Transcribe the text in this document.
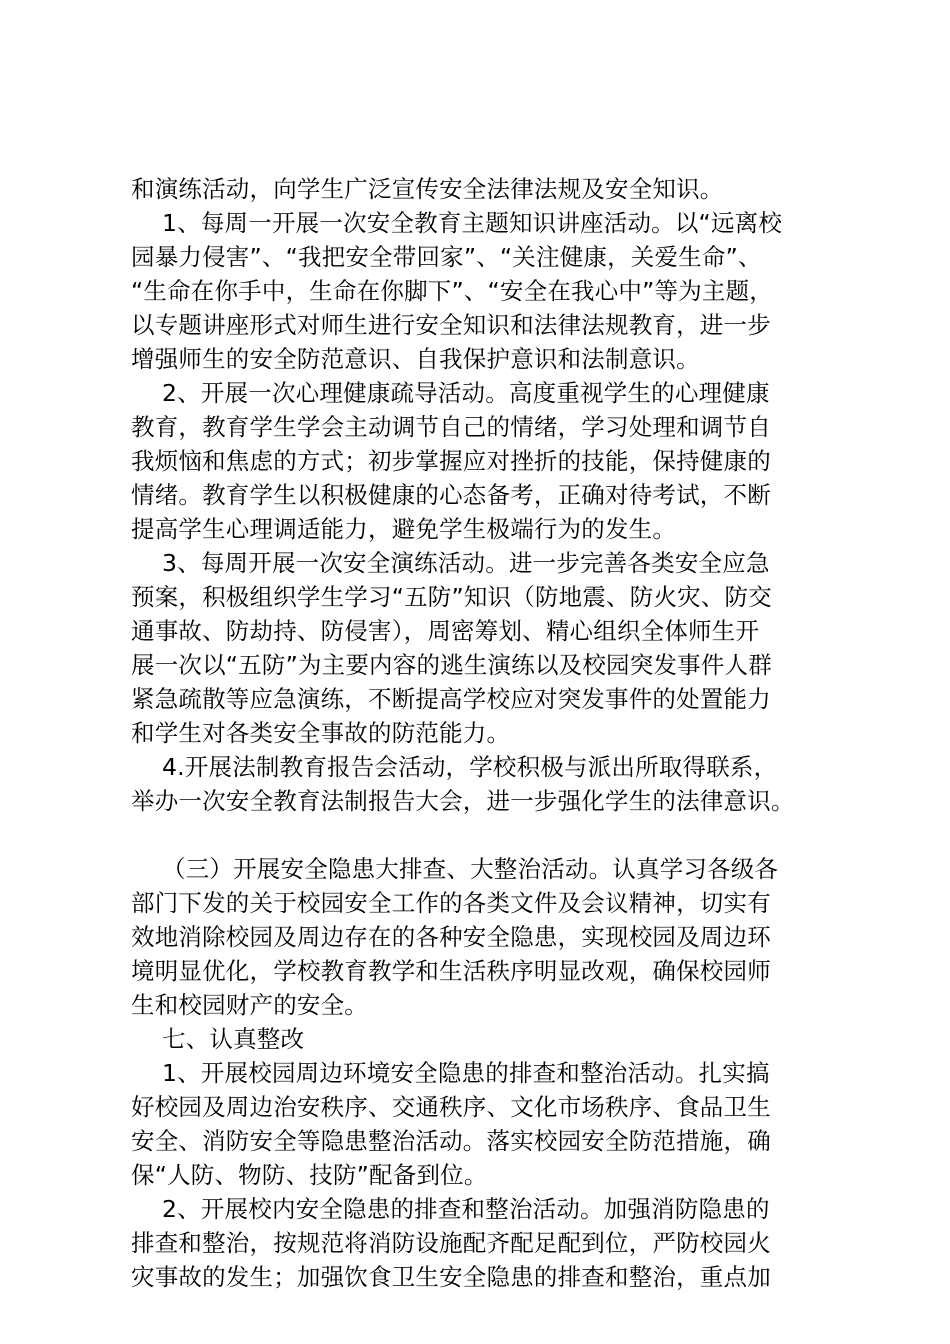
和演练活动，向学生广泛宣传安全法律法规及安全知识。
1、每周一开展一次安全教育主题知识讲座活动。以“远离校
园暴力侵害”、“我把安全带回家”、“关注健康，关爱生命”、
“生命在你手中，生命在你脚下”、“安全在我心中”等为主题，
以专题讲座形式对师生进行安全知识和法律法规教育，进一步
增强师生的安全防范意识、自我保护意识和法制意识。
2、开展一次心理健康疏导活动。高度重视学生的心理健康
教育，教育学生学会主动调节自己的情绪，学习处理和调节自
我烦恼和焦虑的方式；初步掌握应对挫折的技能，保持健康的
情绪。教育学生以积极健康的心态备考，正确对待考试，不断
提高学生心理调适能力，避免学生极端行为的发生。
3、每周开展一次安全演练活动。进一步完善各类安全应急
预案，积极组织学生学习“五防”知识（防地震、防火灾、防交
通事故、防劫持、防侵害），周密筹划、精心组织全体师生开
展一次以“五防”为主要内容的逃生演练以及校园突发事件人群
紧急疏散等应急演练，不断提高学校应对突发事件的处置能力
和学生对各类安全事故的防范能力。
4.开展法制教育报告会活动，学校积极与派出所取得联系，
举办一次安全教育法制报告大会，进一步强化学生的法律意识。
（三）开展安全隐患大排查、大整治活动。认真学习各级各
部门下发的关于校园安全工作的各类文件及会议精神，切实有
效地消除校园及周边存在的各种安全隐患，实现校园及周边环
境明显优化，学校教育教学和生活秩序明显改观，确保校园师
生和校园财产的安全。
七、认真整改
1、开展校园周边环境安全隐患的排查和整治活动。扎实搞
好校园及周边治安秩序、交通秩序、文化市场秩序、食品卫生
安全、消防安全等隐患整治活动。落实校园安全防范措施，确
保“人防、物防、技防”配备到位。
2、开展校内安全隐患的排查和整治活动。加强消防隐患的
排查和整治，按规范将消防设施配齐配足配到位，严防校园火
灾事故的发生；加强饮食卫生安全隐患的排查和整治，重点加
